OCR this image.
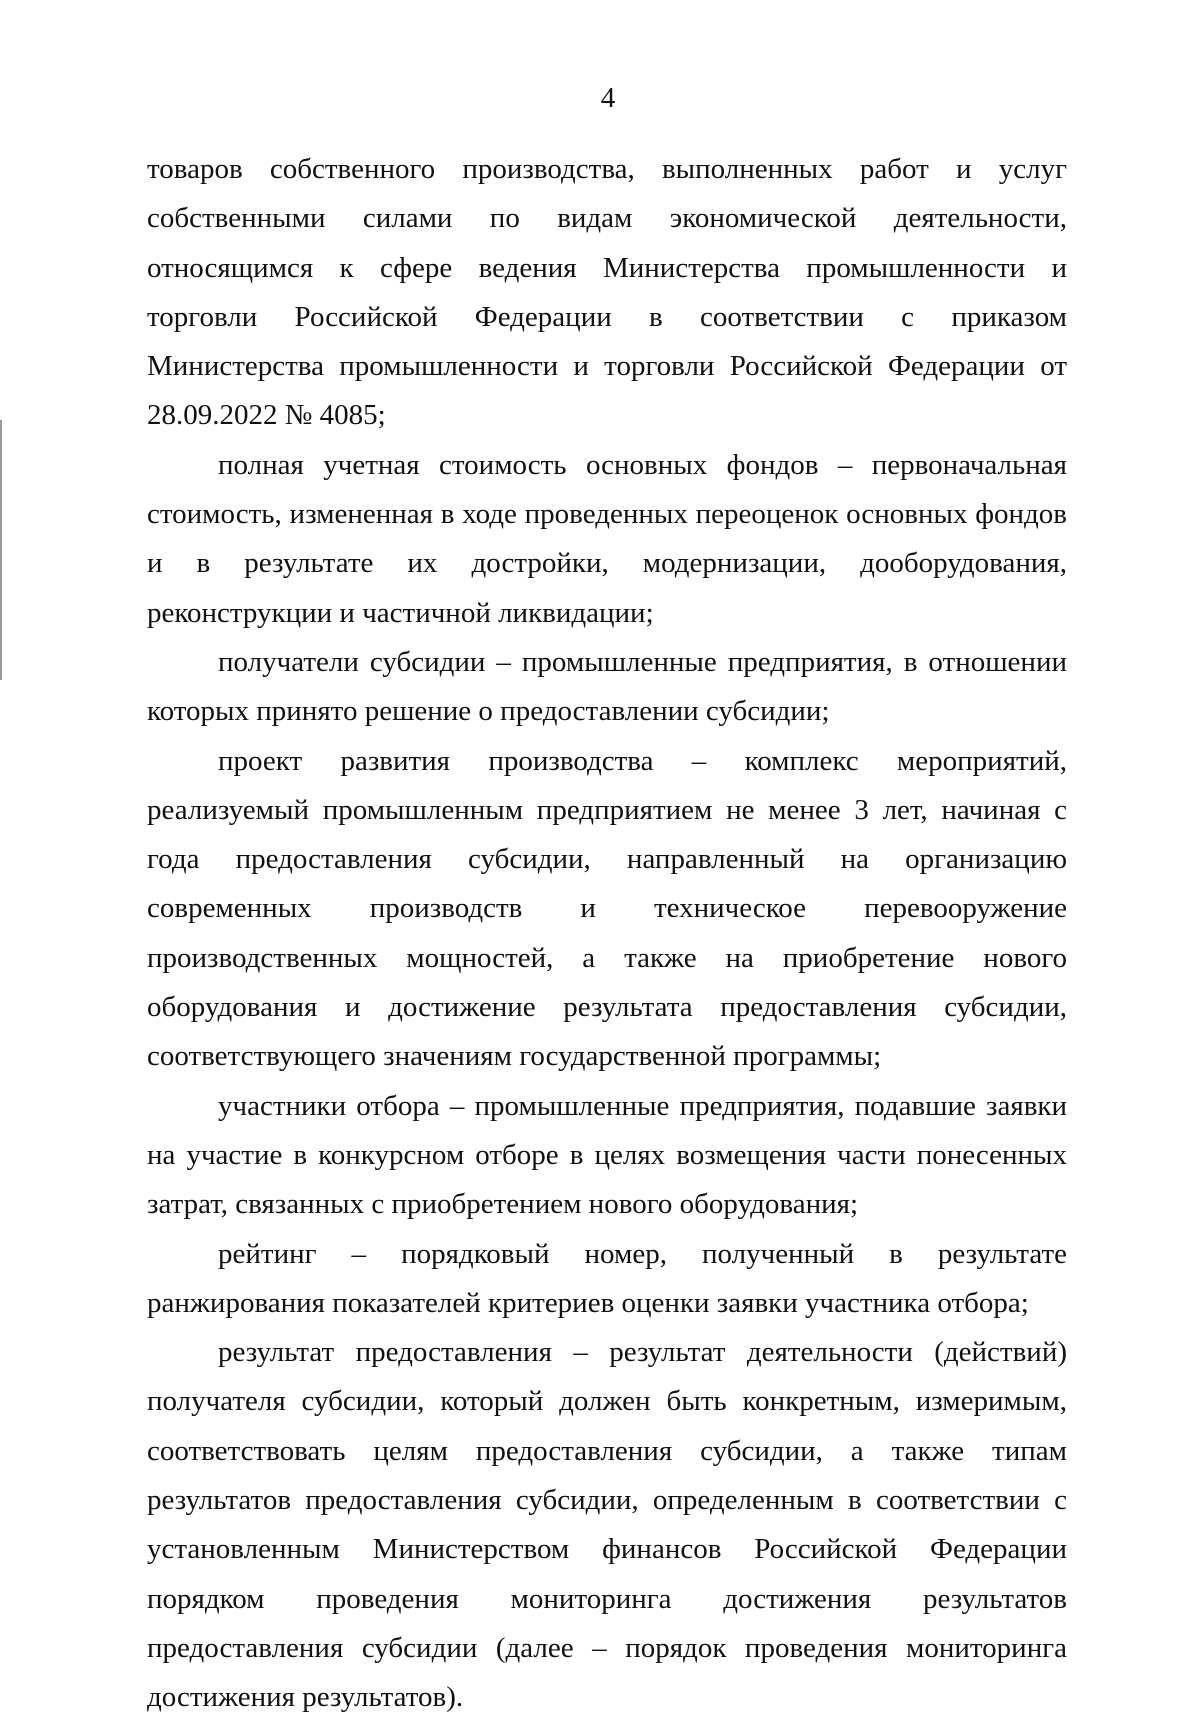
4

товаров собственного производства, выполненных работ и услуг собственными силами по видам экономической деятельности, относящимся к сфере ведения Министерства промышленности и торговли Российской Федерации в соответствии с приказом Министерства промышленности и торговли Российской Федерации от 28.09.2022 № 4085;

полная учетная стоимость основных фондов – первоначальная стоимость, измененная в ходе проведенных переоценок основных фондов и в результате их достройки, модернизации, дооборудования, реконструкции и частичной ликвидации;

получатели субсидии – промышленные предприятия, в отношении которых принято решение о предоставлении субсидии;

проект развития производства – комплекс мероприятий, реализуемый промышленным предприятием не менее 3 лет, начиная с года предоставления субсидии, направленный на организацию современных производств и техническое перевооружение производственных мощностей, а также на приобретение нового оборудования и достижение результата предоставления субсидии, соответствующего значениям государственной программы;

участники отбора – промышленные предприятия, подавшие заявки на участие в конкурсном отборе в целях возмещения части понесенных затрат, связанных с приобретением нового оборудования;

рейтинг – порядковый номер, полученный в результате ранжирования показателей критериев оценки заявки участника отбора;

результат предоставления – результат деятельности (действий) получателя субсидии, который должен быть конкретным, измеримым, соответствовать целям предоставления субсидии, а также типам результатов предоставления субсидии, определенным в соответствии с установленным Министерством финансов Российской Федерации порядком проведения мониторинга достижения результатов предоставления субсидии (далее – порядок проведения мониторинга достижения результатов).
